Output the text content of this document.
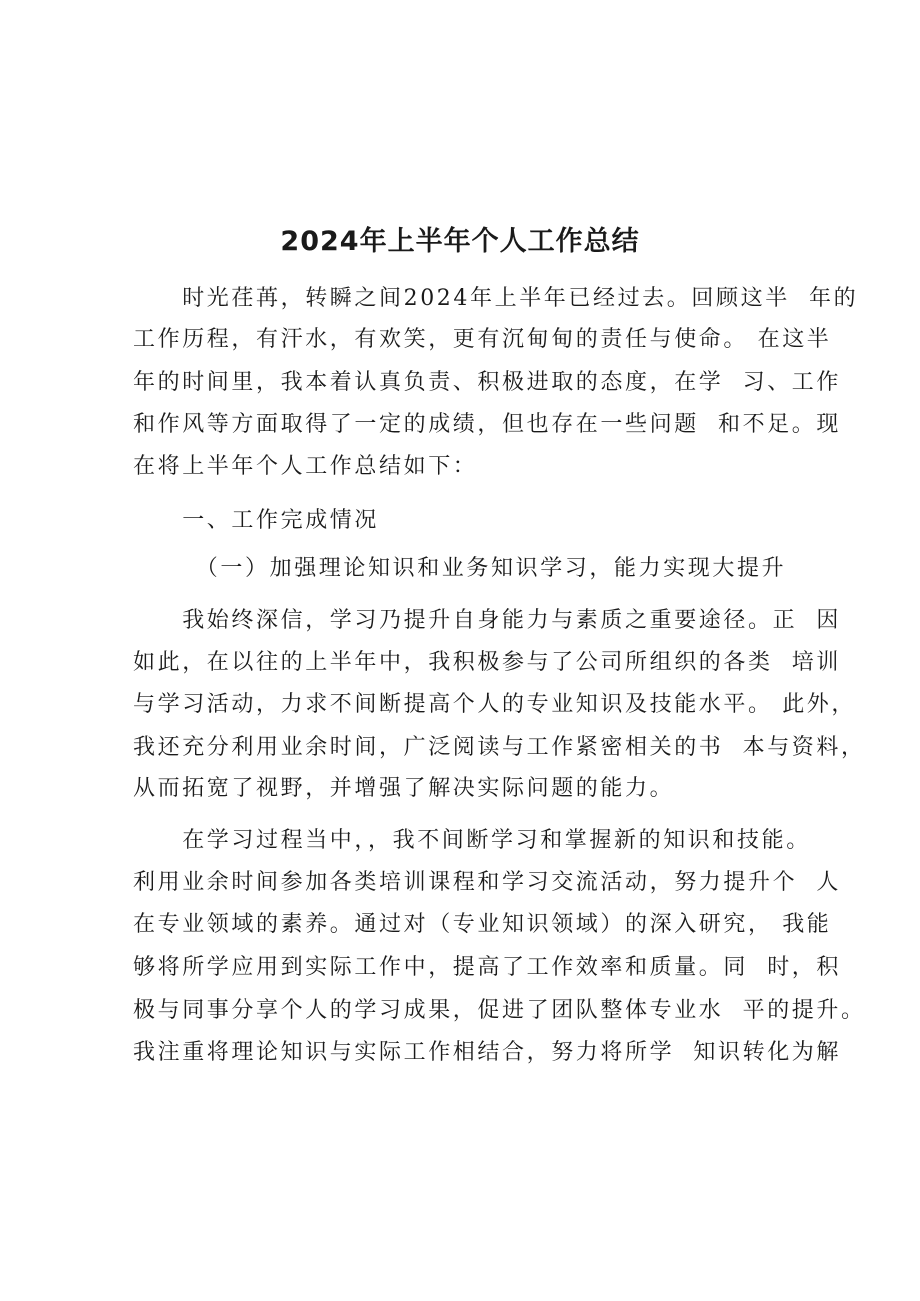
2024年上半年个人工作总结
　　时光荏苒，转瞬之间2024年上半年已经过去。回顾这半  年的
工作历程，有汗水，有欢笑，更有沉甸甸的责任与使命。 在这半
年的时间里，我本着认真负责、积极进取的态度，在学  习、工作
和作风等方面取得了一定的成绩，但也存在一些问题  和不足。现
在将上半年个人工作总结如下：
　　一、工作完成情况
　　　（一）加强理论知识和业务知识学习，能力实现大提升
　　我始终深信，学习乃提升自身能力与素质之重要途径。正  因
如此，在以往的上半年中，我积极参与了公司所组织的各类  培训
与学习活动，力求不间断提高个人的专业知识及技能水平。 此外，
我还充分利用业余时间，广泛阅读与工作紧密相关的书  本与资料，
从而拓宽了视野，并增强了解决实际问题的能力。
　　在学习过程当中，，我不间断学习和掌握新的知识和技能。
利用业余时间参加各类培训课程和学习交流活动，努力提升个  人
在专业领域的素养。通过对（专业知识领域）的深入研究， 我能
够将所学应用到实际工作中，提高了工作效率和质量。同  时，积
极与同事分享个人的学习成果，促进了团队整体专业水  平的提升。
我注重将理论知识与实际工作相结合，努力将所学  知识转化为解
